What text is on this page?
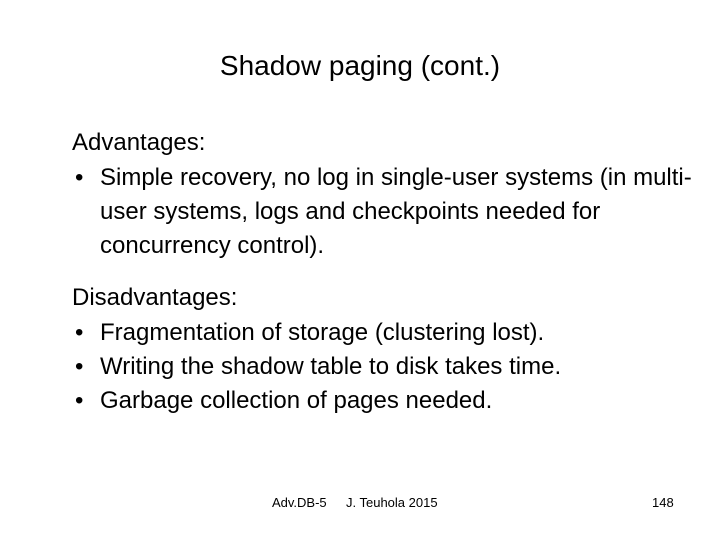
Shadow paging (cont.)
Advantages:
• Simple recovery, no log in single-user systems (in multi-user systems, logs and checkpoints needed for concurrency control).
Disadvantages:
• Fragmentation of storage (clustering lost).
• Writing the shadow table to disk takes time.
• Garbage collection of pages needed.
Adv.DB-5 J. Teuhola 2015	148
